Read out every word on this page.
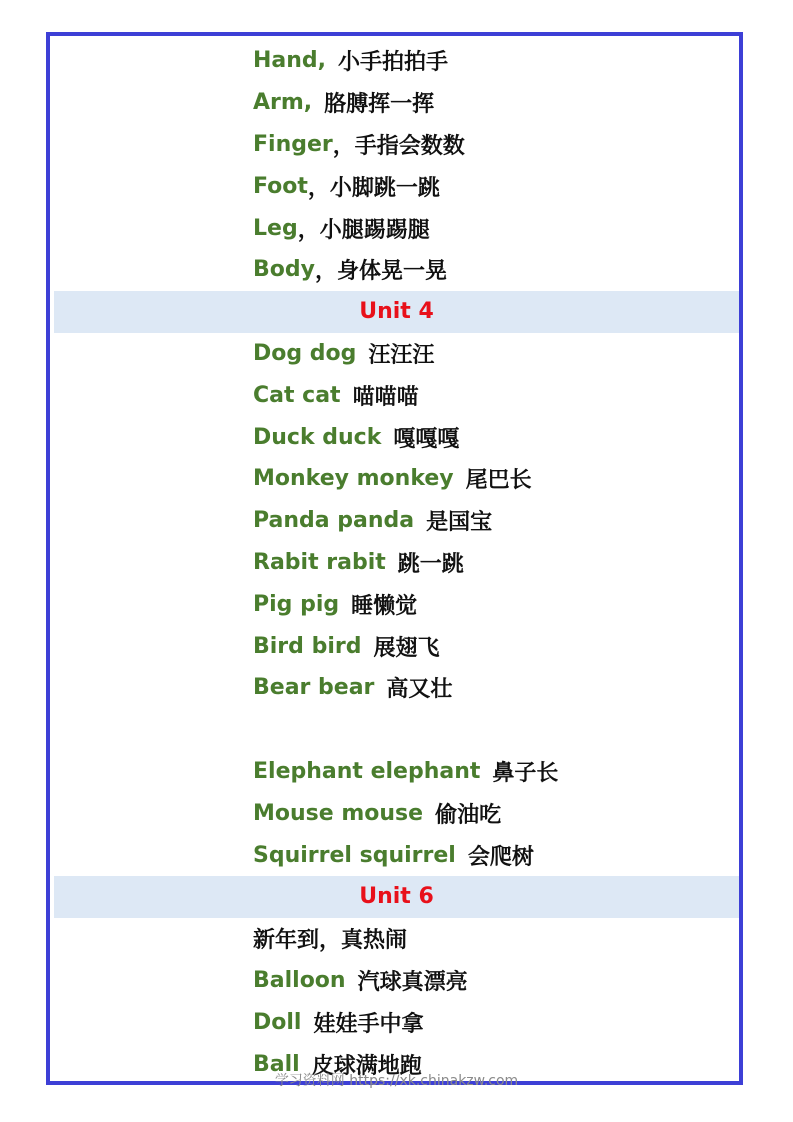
Hand, 小手拍拍手
Arm, 胳膊挥一挥
Finger ，手指会数数
Foot ，小脚跳一跳
Leg ，小腿踢踢腿
Body ，身体晃一晃
Unit 4
Dog dog 汪汪汪
Cat cat 喵喵喵
Duck duck 嘎嘎嘎
Monkey monkey 尾巴长
Panda panda 是国宝
Rabit rabit 跳一跳
Pig pig 睡懒觉
Bird bird 展翅飞
Bear bear 高又壮
Elephant elephant 鼻子长
Mouse mouse 偷油吃
Squirrel squirrel 会爬树
Unit 6
新年到，真热闹
Balloon 汽球真漂亮
Doll 娃娃手中拿
Ball 皮球满地跑
学习资料网 https://xk.chinakzw.com
